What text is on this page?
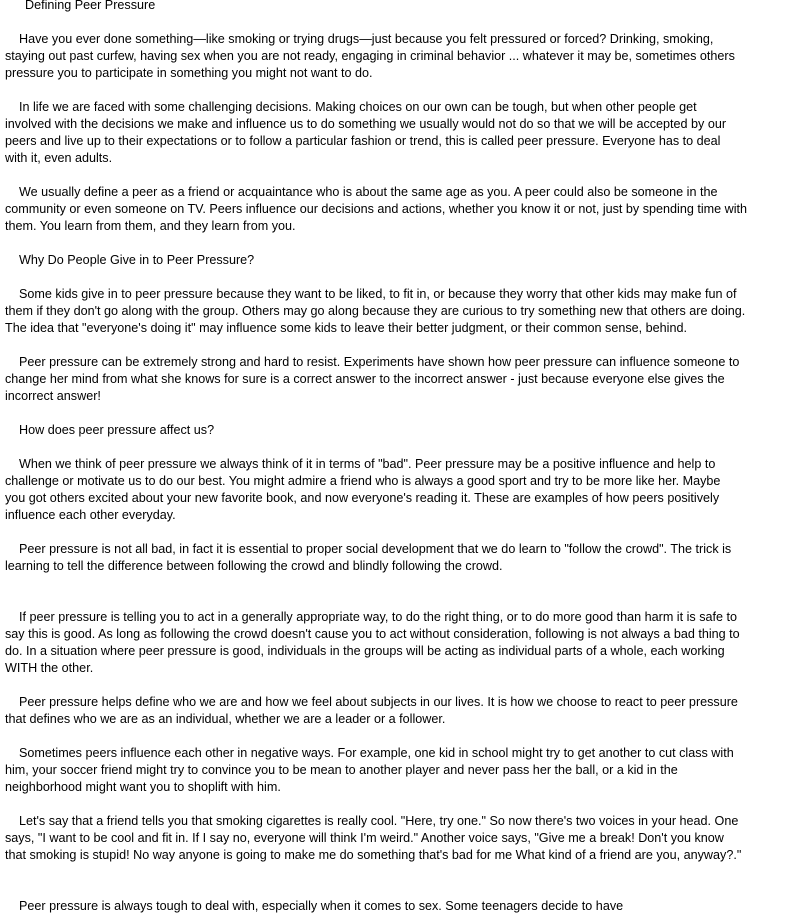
Defining Peer Pressure

Have you ever done something—like smoking or trying drugs—just because you felt pressured or forced? Drinking, smoking,
staying out past curfew, having sex when you are not ready, engaging in criminal behavior ... whatever it may be, sometimes others
pressure you to participate in something you might not want to do.

In life we are faced with some challenging decisions. Making choices on our own can be tough, but when other people get
involved with the decisions we make and influence us to do something we usually would not do so that we will be accepted by our
peers and live up to their expectations or to follow a particular fashion or trend, this is called peer pressure. Everyone has to deal
with it, even adults.

We usually define a peer as a friend or acquaintance who is about the same age as you. A peer could also be someone in the
community or even someone on TV. Peers influence our decisions and actions, whether you know it or not, just by spending time with
them. You learn from them, and they learn from you.

Why Do People Give in to Peer Pressure?

Some kids give in to peer pressure because they want to be liked, to fit in, or because they worry that other kids may make fun of
them if they don't go along with the group. Others may go along because they are curious to try something new that others are doing.
The idea that "everyone's doing it" may influence some kids to leave their better judgment, or their common sense, behind.

Peer pressure can be extremely strong and hard to resist. Experiments have shown how peer pressure can influence someone to
change her mind from what she knows for sure is a correct answer to the incorrect answer - just because everyone else gives the
incorrect answer!

How does peer pressure affect us?

When we think of peer pressure we always think of it in terms of "bad". Peer pressure may be a positive influence and help to
challenge or motivate us to do our best. You might admire a friend who is always a good sport and try to be more like her. Maybe
you got others excited about your new favorite book, and now everyone's reading it. These are examples of how peers positively
influence each other everyday.

Peer pressure is not all bad, in fact it is essential to proper social development that we do learn to "follow the crowd". The trick is
learning to tell the difference between following the crowd and blindly following the crowd.

If peer pressure is telling you to act in a generally appropriate way, to do the right thing, or to do more good than harm it is safe to
say this is good. As long as following the crowd doesn't cause you to act without consideration, following is not always a bad thing to
do. In a situation where peer pressure is good, individuals in the groups will be acting as individual parts of a whole, each working
WITH the other.

Peer pressure helps define who we are and how we feel about subjects in our lives. It is how we choose to react to peer pressure
that defines who we are as an individual, whether we are a leader or a follower.

Sometimes peers influence each other in negative ways. For example, one kid in school might try to get another to cut class with
him, your soccer friend might try to convince you to be mean to another player and never pass her the ball, or a kid in the
neighborhood might want you to shoplift with him.

Let's say that a friend tells you that smoking cigarettes is really cool. "Here, try one." So now there's two voices in your head. One
says, "I want to be cool and fit in. If I say no, everyone will think I'm weird." Another voice says, "Give me a break! Don't you know
that smoking is stupid! No way anyone is going to make me do something that's bad for me What kind of a friend are you, anyway?."

Peer pressure is always tough to deal with, especially when it comes to sex. Some teenagers decide to have
